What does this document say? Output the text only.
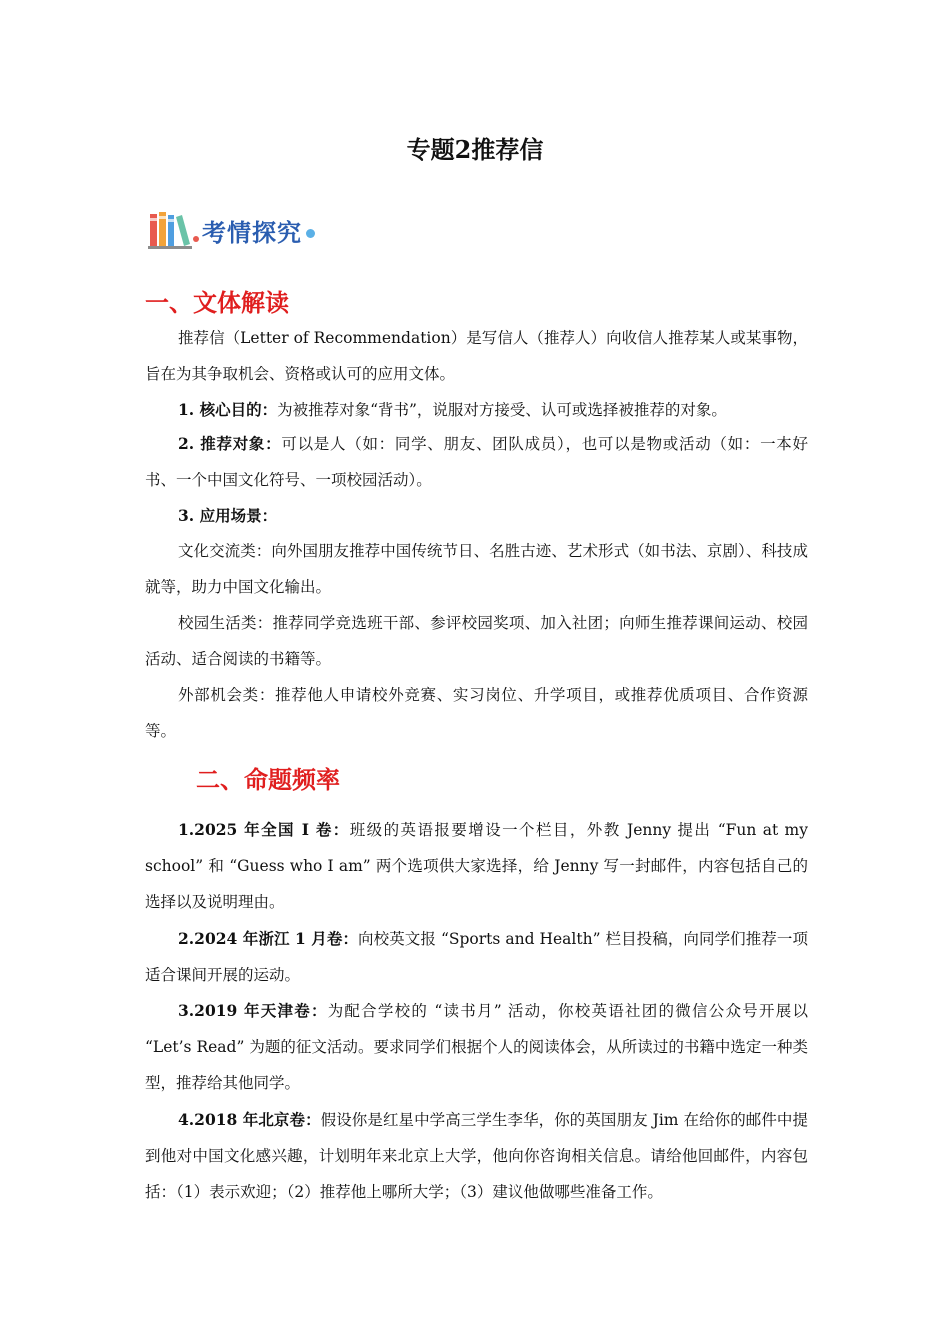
专题2推荐信
考情探究
一、文体解读

推荐信（Letter of Recommendation）是写信人（推荐人）向收信人推荐某人或某事物，旨在为其争取机会、资格或认可的应用文体。

1. 核心目的：为被推荐对象“背书”，说服对方接受、认可或选择被推荐的对象。

2. 推荐对象：可以是人（如：同学、朋友、团队成员），也可以是物或活动（如：一本好书、一个中国文化符号、一项校园活动）。

3. 应用场景：

文化交流类：向外国朋友推荐中国传统节日、名胜古迹、艺术形式（如书法、京剧）、科技成就等，助力中国文化输出。

校园生活类：推荐同学竞选班干部、参评校园奖项、加入社团；向师生推荐课间运动、校园活动、适合阅读的书籍等。

外部机会类：推荐他人申请校外竞赛、实习岗位、升学项目，或推荐优质项目、合作资源等。

二、命题频率

1.2025 年全国 I 卷：班级的英语报要增设一个栏目，外教 Jenny 提出 “Fun at my school” 和 “Guess who I am” 两个选项供大家选择，给 Jenny 写一封邮件，内容包括自己的选择以及说明理由。

2.2024 年浙江 1 月卷：向校英文报 “Sports and Health” 栏目投稿，向同学们推荐一项适合课间开展的运动。

3.2019 年天津卷：为配合学校的 “读书月” 活动，你校英语社团的微信公众号开展以 “Let’s Read” 为题的征文活动。要求同学们根据个人的阅读体会，从所读过的书籍中选定一种类型，推荐给其他同学。

4.2018 年北京卷：假设你是红星中学高三学生李华，你的英国朋友 Jim 在给你的邮件中提到他对中国文化感兴趣，计划明年来北京上大学，他向你咨询相关信息。请给他回邮件，内容包括：（1）表示欢迎；（2）推荐他上哪所大学；（3）建议他做哪些准备工作。
